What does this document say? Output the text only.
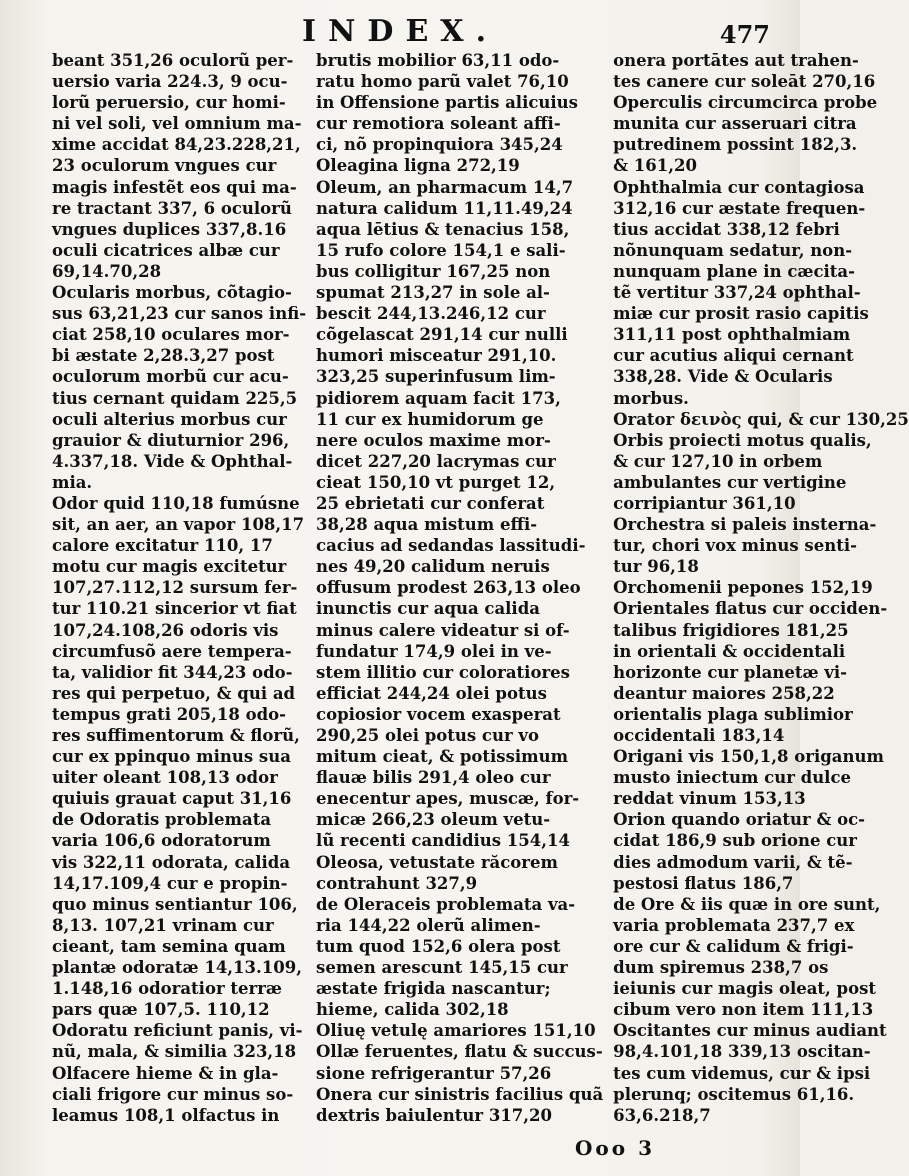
INDEX.	477
beant 351,26 oculorũ per-
uersio varia 224.3, 9 ocu-
lorũ peruersio, cur homi-
ni vel soli, vel omnium ma-
xime accidat 84,23.228,21,
23 oculorum vngues cur
magis infestẽt eos qui ma-
re tractant 337, 6 oculorũ
vngues duplices 337,8.16
oculi cicatrices albæ cur
69,14.70,28
Ocularis morbus, cõtagio-
sus 63,21,23 cur sanos infi-
ciat 258,10 oculares mor-
bi æstate 2,28.3,27 post
oculorum morbũ cur acu-
tius cernant quidam 225,5
oculi alterius morbus cur
grauior & diuturnior 296,
4.337,18. Vide & Ophthal-
mia.
Odor quid 110,18 fumúsne
sit, an aer, an vapor 108,17
calore excitatur 110, 17
motu cur magis excitetur
107,27.112,12 sursum fer-
tur 110.21 sincerior vt fiat
107,24.108,26 odoris vis
circumfusõ aere tempera-
ta, validior fit 344,23 odo-
res qui perpetuo, & qui ad
tempus grati 205,18 odo-
res suffimentorum & florũ,
cur ex ppinquo minus sua
uiter oleant 108,13 odor
quiuis grauat caput 31,16
de Odoratis problemata
varia 106,6 odoratorum
vis 322,11 odorata, calida
14,17.109,4 cur e propin-
quo minus sentiantur 106,
8,13. 107,21 vrinam cur
cieant, tam semina quam
plantæ odoratæ 14,13.109,
1.148,16 odoratior terræ
pars quæ 107,5. 110,12
Odoratu reficiunt panis, vi-
nũ, mala, & similia 323,18
Olfacere hieme & in gla-
ciali frigore cur minus so-
leamus 108,1 olfactus in
brutis mobilior 63,11 odo-
ratu homo parũ valet 76,10
in Offensione partis alicuius
cur remotiora soleant affi-
ci, nõ propinquiora 345,24
Oleagina ligna 272,19
Oleum, an pharmacum 14,7
natura calidum 11,11.49,24
aqua lētius & tenacius 158,
15 rufo colore 154,1 e sali-
bus colligitur 167,25 non
spumat 213,27 in sole al-
bescit 244,13.246,12 cur
cõgelascat 291,14 cur nulli
humori misceatur 291,10.
323,25 superinfusum lim-
pidiorem aquam facit 173,
11 cur ex humidorum ge
nere oculos maxime mor-
dicet 227,20 lacrymas cur
cieat 150,10 vt purget 12,
25 ebrietati cur conferat
38,28 aqua mistum effi-
cacius ad sedandas lassitudi-
nes 49,20 calidum neruis
offusum prodest 263,13 oleo
inunctis cur aqua calida
minus calere videatur si of-
fundatur 174,9 olei in ve-
stem illitio cur coloratiores
efficiat 244,24 olei potus
copiosior vocem exasperat
290,25 olei potus cur vo
mitum cieat, & potissimum
flauæ bilis 291,4 oleo cur
enecentur apes, muscæ, for-
micæ 266,23 oleum vetu-
lũ recenti candidius 154,14
Oleosa, vetustate răcorem
contrahunt 327,9
de Oleraceis problemata va-
ria 144,22 olerũ alimen-
tum quod 152,6 olera post
semen arescunt 145,15 cur
æstate frigida nascantur;
hieme, calida 302,18
Oliuę vetulę amariores 151,10
Ollæ feruentes, flatu & succus-
sione refrigerantur 57,26
Onera cur sinistris facilius quã
dextris baiulentur 317,20
onera portātes aut trahen-
tes canere cur soleāt 270,16
Operculis circumcirca probe
munita cur asseruari citra
putredinem possint 182,3.
& 161,20
Ophthalmia cur contagiosa
312,16 cur æstate frequen-
tius accidat 338,12 febri
nõnunquam sedatur, non-
nunquam plane in cæcita-
tẽ vertitur 337,24 ophthal-
miæ cur prosit rasio capitis
311,11 post ophthalmiam
cur acutius aliqui cernant
338,28. Vide & Ocularis
morbus.
Orator δεινὸς qui, & cur 130,25
Orbis proiecti motus qualis,
& cur 127,10 in orbem
ambulantes cur vertigine
corripiantur 361,10
Orchestra si paleis insterna-
tur, chori vox minus senti-
tur 96,18
Orchomenii pepones 152,19
Orientales flatus cur occiden-
talibus frigidiores 181,25
in orientali & occidentali
horizonte cur planetæ vi-
deantur maiores 258,22
orientalis plaga sublimior
occidentali 183,14
Origani vis 150,1,8 origanum
musto iniectum cur dulce
reddat vinum 153,13
Orion quando oriatur & oc-
cidat 186,9 sub orione cur
dies admodum varii, & tẽ-
pestosi flatus 186,7
de Ore & iis quæ in ore sunt,
varia problemata 237,7 ex
ore cur & calidum & frigi-
dum spiremus 238,7 os
ieiunis cur magis oleat, post
cibum vero non item 111,13
Oscitantes cur minus audiant
98,4.101,18 339,13 oscitan-
tes cum videmus, cur & ipsi
plerunq; oscitemus 61,16.
63,6.218,7
Ooo 3
